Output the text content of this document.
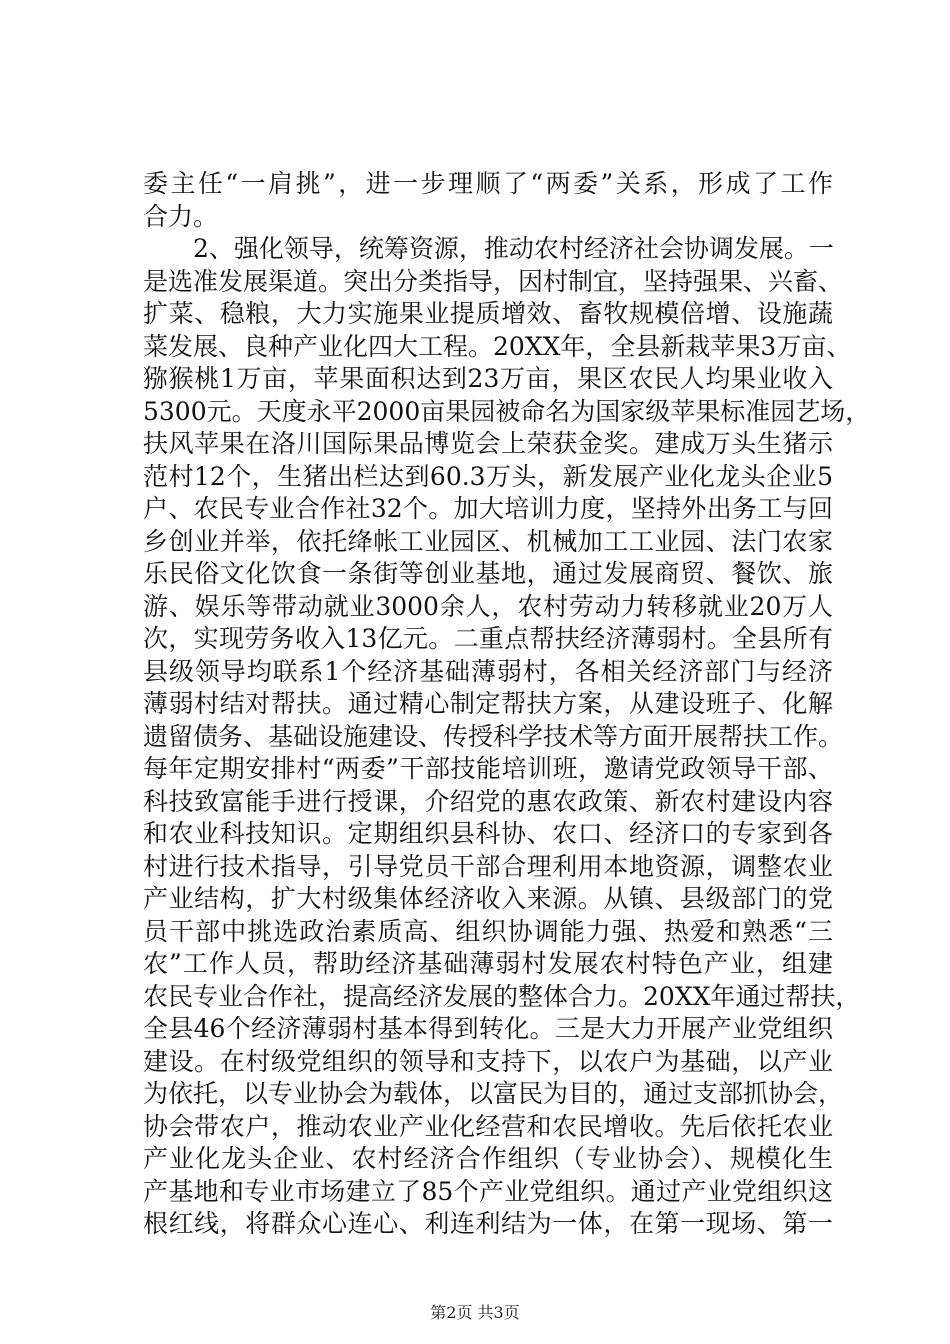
委主任“一肩挑”，进一步理顺了“两委”关系，形成了工作
合力。
2、强化领导，统筹资源，推动农村经济社会协调发展。一
是选准发展渠道。突出分类指导，因村制宜，坚持强果、兴畜、
扩菜、稳粮，大力实施果业提质增效、畜牧规模倍增、设施蔬
菜发展、良种产业化四大工程。20XX年，全县新栽苹果3万亩、
猕猴桃1万亩，苹果面积达到23万亩，果区农民人均果业收入
5300元。天度永平2000亩果园被命名为国家级苹果标准园艺场，
扶风苹果在洛川国际果品博览会上荣获金奖。建成万头生猪示
范村12个，生猪出栏达到60.3万头，新发展产业化龙头企业5
户、农民专业合作社32个。加大培训力度，坚持外出务工与回
乡创业并举，依托绛帐工业园区、机械加工工业园、法门农家
乐民俗文化饮食一条街等创业基地，通过发展商贸、餐饮、旅
游、娱乐等带动就业3000余人，农村劳动力转移就业20万人
次，实现劳务收入13亿元。二重点帮扶经济薄弱村。全县所有
县级领导均联系1个经济基础薄弱村，各相关经济部门与经济
薄弱村结对帮扶。通过精心制定帮扶方案，从建设班子、化解
遗留债务、基础设施建设、传授科学技术等方面开展帮扶工作。
每年定期安排村“两委”干部技能培训班，邀请党政领导干部、
科技致富能手进行授课，介绍党的惠农政策、新农村建设内容
和农业科技知识。定期组织县科协、农口、经济口的专家到各
村进行技术指导，引导党员干部合理利用本地资源，调整农业
产业结构，扩大村级集体经济收入来源。从镇、县级部门的党
员干部中挑选政治素质高、组织协调能力强、热爱和熟悉“三
农”工作人员，帮助经济基础薄弱村发展农村特色产业，组建
农民专业合作社，提高经济发展的整体合力。20XX年通过帮扶，
全县46个经济薄弱村基本得到转化。三是大力开展产业党组织
建设。在村级党组织的领导和支持下，以农户为基础，以产业
为依托，以专业协会为载体，以富民为目的，通过支部抓协会，
协会带农户，推动农业产业化经营和农民增收。先后依托农业
产业化龙头企业、农村经济合作组织（专业协会）、规模化生
产基地和专业市场建立了85个产业党组织。通过产业党组织这
根红线，将群众心连心、利连利结为一体，在第一现场、第一
第2页 共3页
